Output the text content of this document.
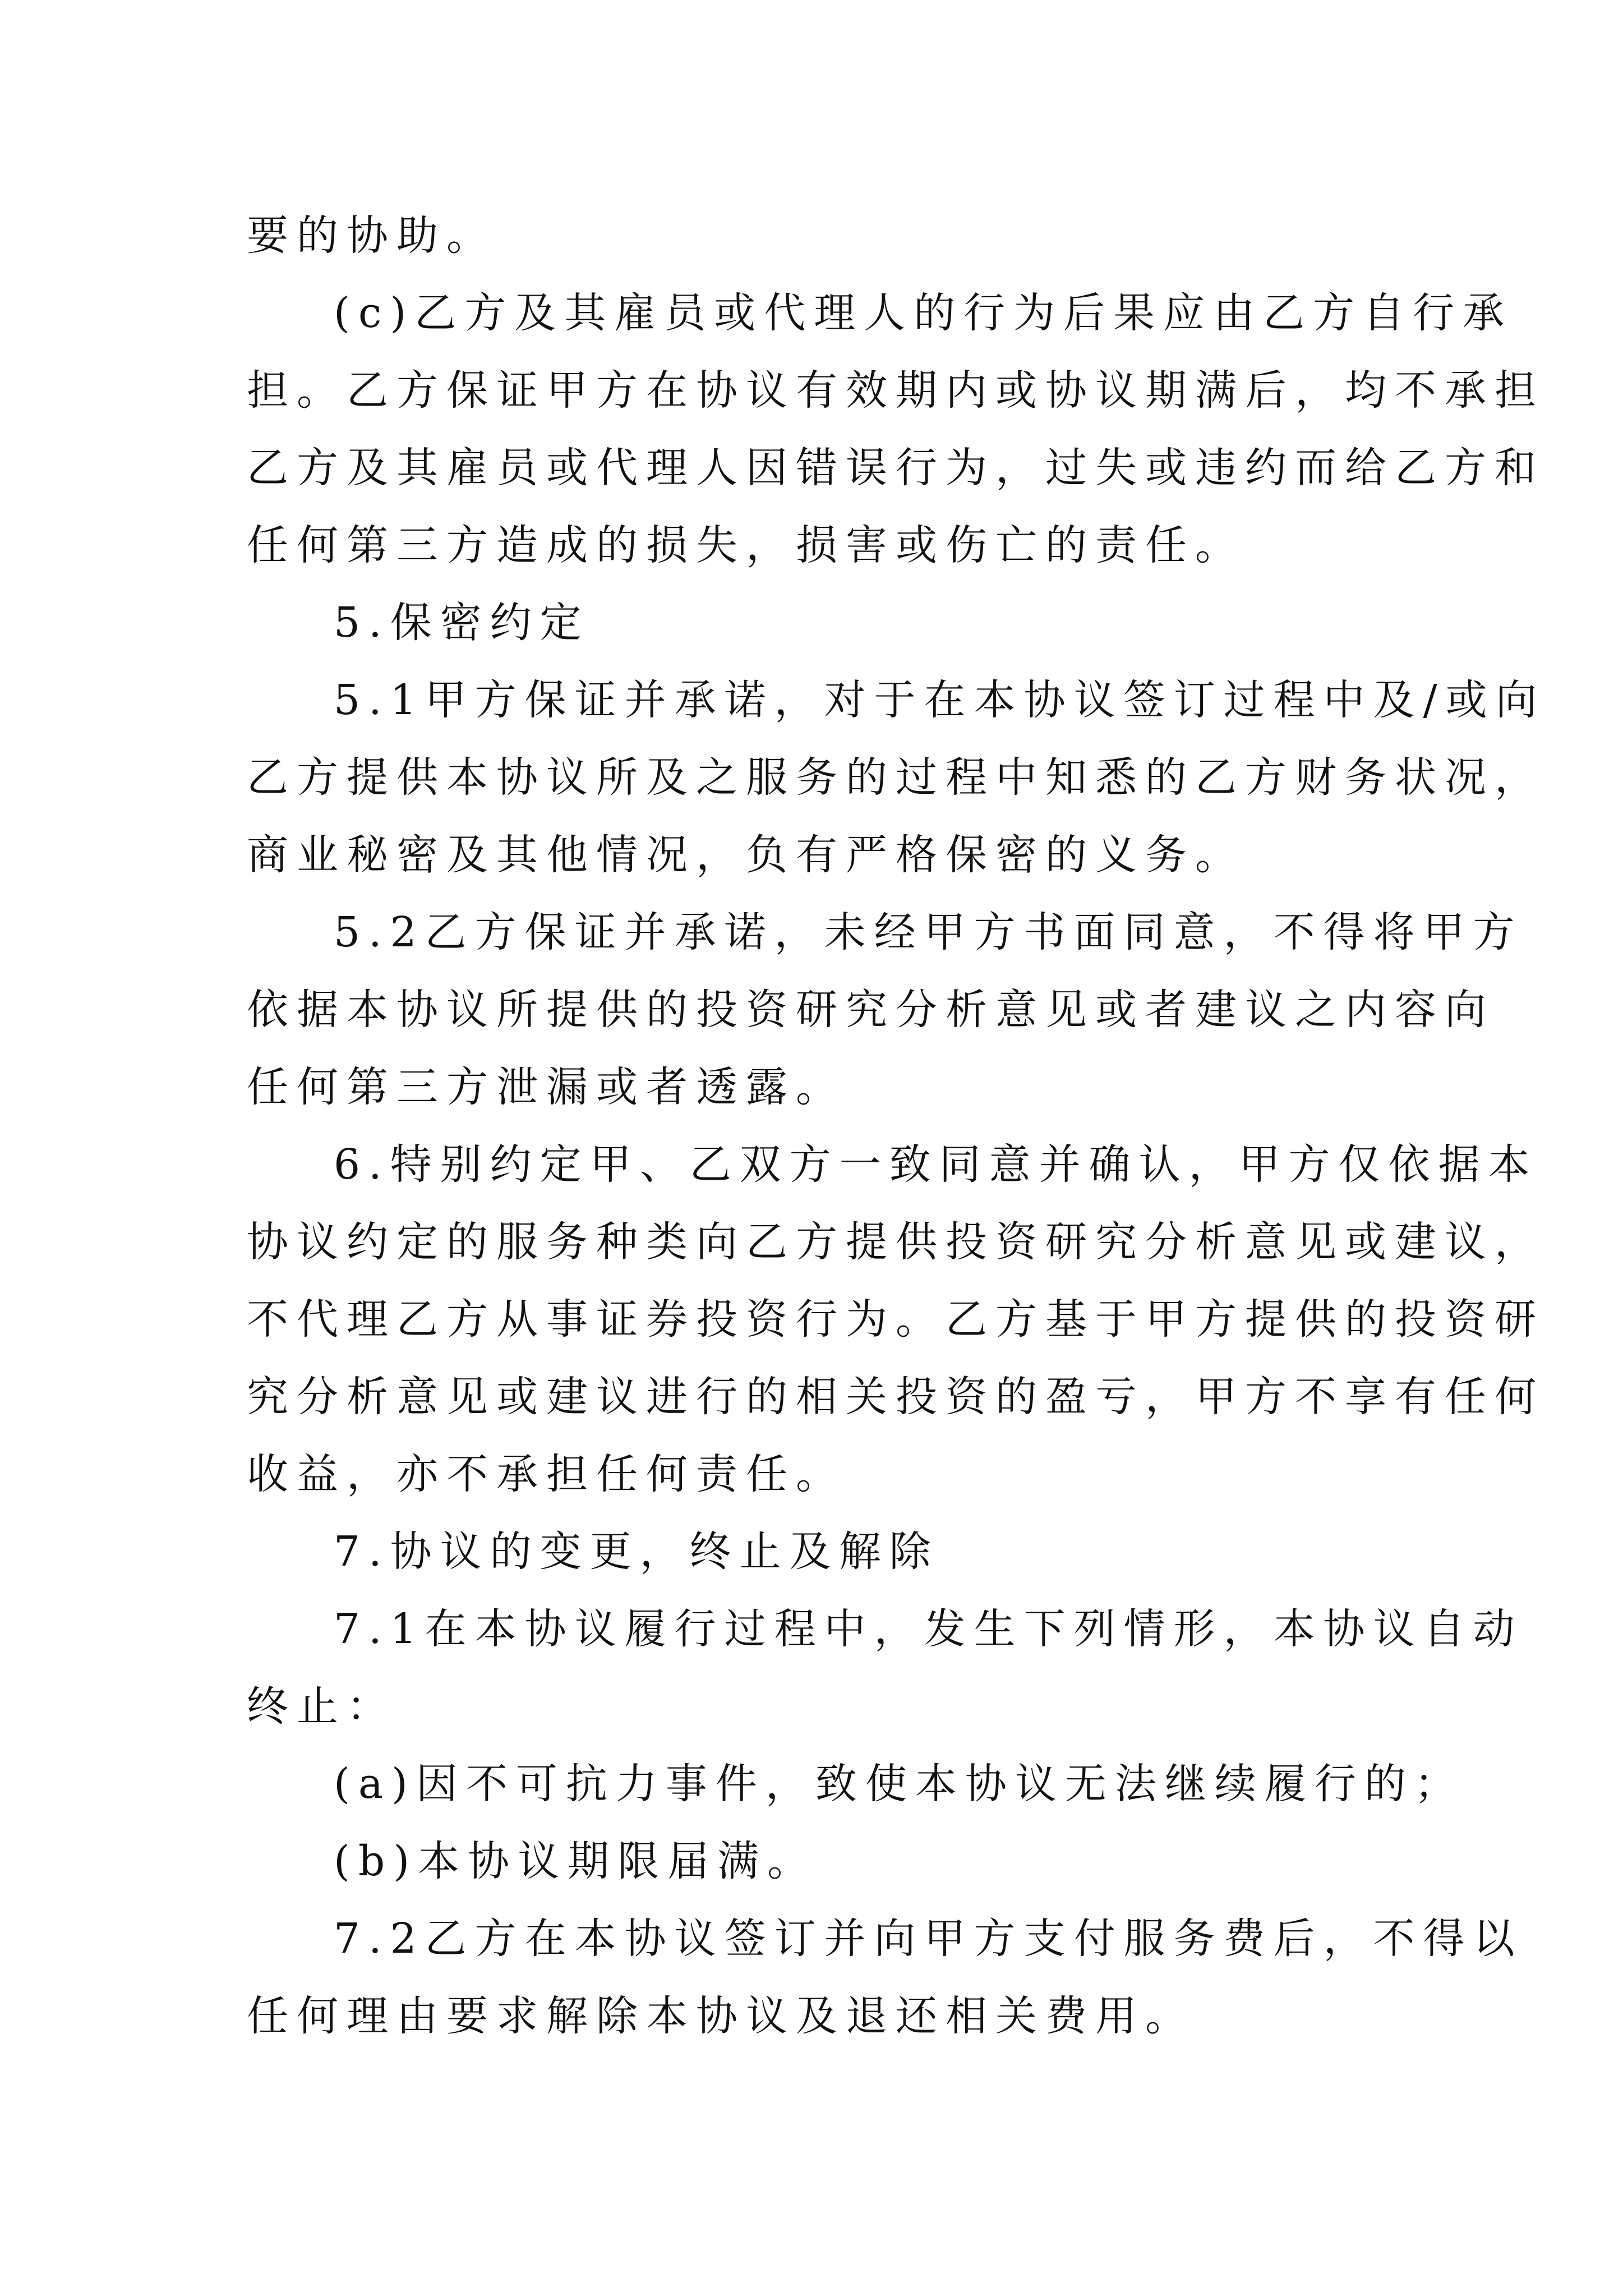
要的协助。

(c)乙方及其雇员或代理人的行为后果应由乙方自行承

担。乙方保证甲方在协议有效期内或协议期满后，均不承担

乙方及其雇员或代理人因错误行为，过失或违约而给乙方和

任何第三方造成的损失，损害或伤亡的责任。

5.保密约定

5.1甲方保证并承诺，对于在本协议签订过程中及/或向

乙方提供本协议所及之服务的过程中知悉的乙方财务状况，

商业秘密及其他情况，负有严格保密的义务。

5.2乙方保证并承诺，未经甲方书面同意，不得将甲方

依据本协议所提供的投资研究分析意见或者建议之内容向

任何第三方泄漏或者透露。

6.特别约定甲、乙双方一致同意并确认，甲方仅依据本

协议约定的服务种类向乙方提供投资研究分析意见或建议，

不代理乙方从事证券投资行为。乙方基于甲方提供的投资研

究分析意见或建议进行的相关投资的盈亏，甲方不享有任何

收益，亦不承担任何责任。

7.协议的变更，终止及解除

7.1在本协议履行过程中，发生下列情形，本协议自动

终止：

(a)因不可抗力事件，致使本协议无法继续履行的；

(b)本协议期限届满。

7.2乙方在本协议签订并向甲方支付服务费后，不得以

任何理由要求解除本协议及退还相关费用。
